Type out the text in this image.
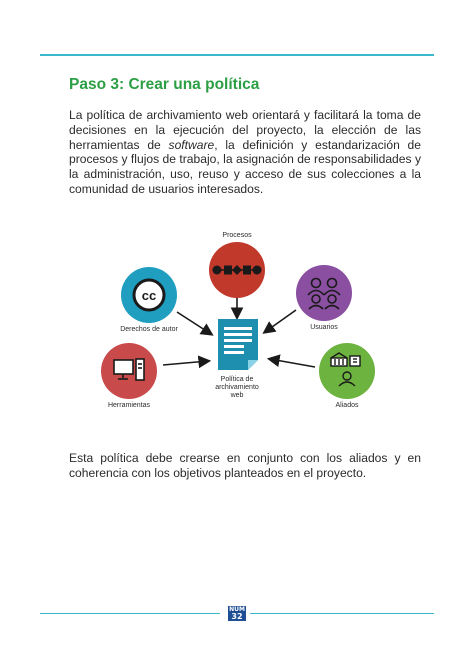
Paso 3: Crear una política

La política de archivamiento web orientará y facilitará la toma de decisiones en la ejecución del proyecto, la elección de las herramientas de software, la definición y estandarización de procesos y flujos de trabajo, la asignación de responsabilidades y la administración, uso, reuso y acceso de sus colecciones a la comunidad de usuarios interesados.

Procesos
cc
Derechos de autor	Usuarios
Política de
archivamiento
web
Herramientas	Aliados

Esta política debe crearse en conjunto con los aliados y en coherencia con los objetivos planteados en el proyecto.

NUM
32
